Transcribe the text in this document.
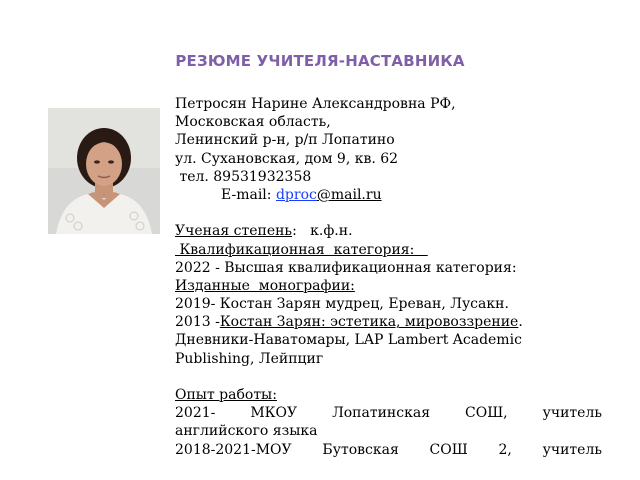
РЕЗЮМЕ УЧИТЕЛЯ-НАСТАВНИКА
Петросян Нарине Александровна РФ,
Московская область,
Ленинский р-н, р/п Лопатино
ул. Сухановская, дом 9, кв. 62
тел. 89531932358
E-mail: dproc@mail.ru
Ученая степень:   к.ф.н.
Квалификационная  категория:
2022 - Высшая квалификационная категория:
Изданные  монографии:
2019- Костан Зарян мудрец, Ереван, Лусакн.
2013 -Костан Зарян: эстетика, мировоззрение.
Дневники-Наватомары, LAP Lambert Academic
Publishing, Лейпциг
Опыт работы:
2021- МКОУ Лопатинская СОШ, учитель
английского языка
2018-2021-МОУ Бутовская СОШ 2, учитель
